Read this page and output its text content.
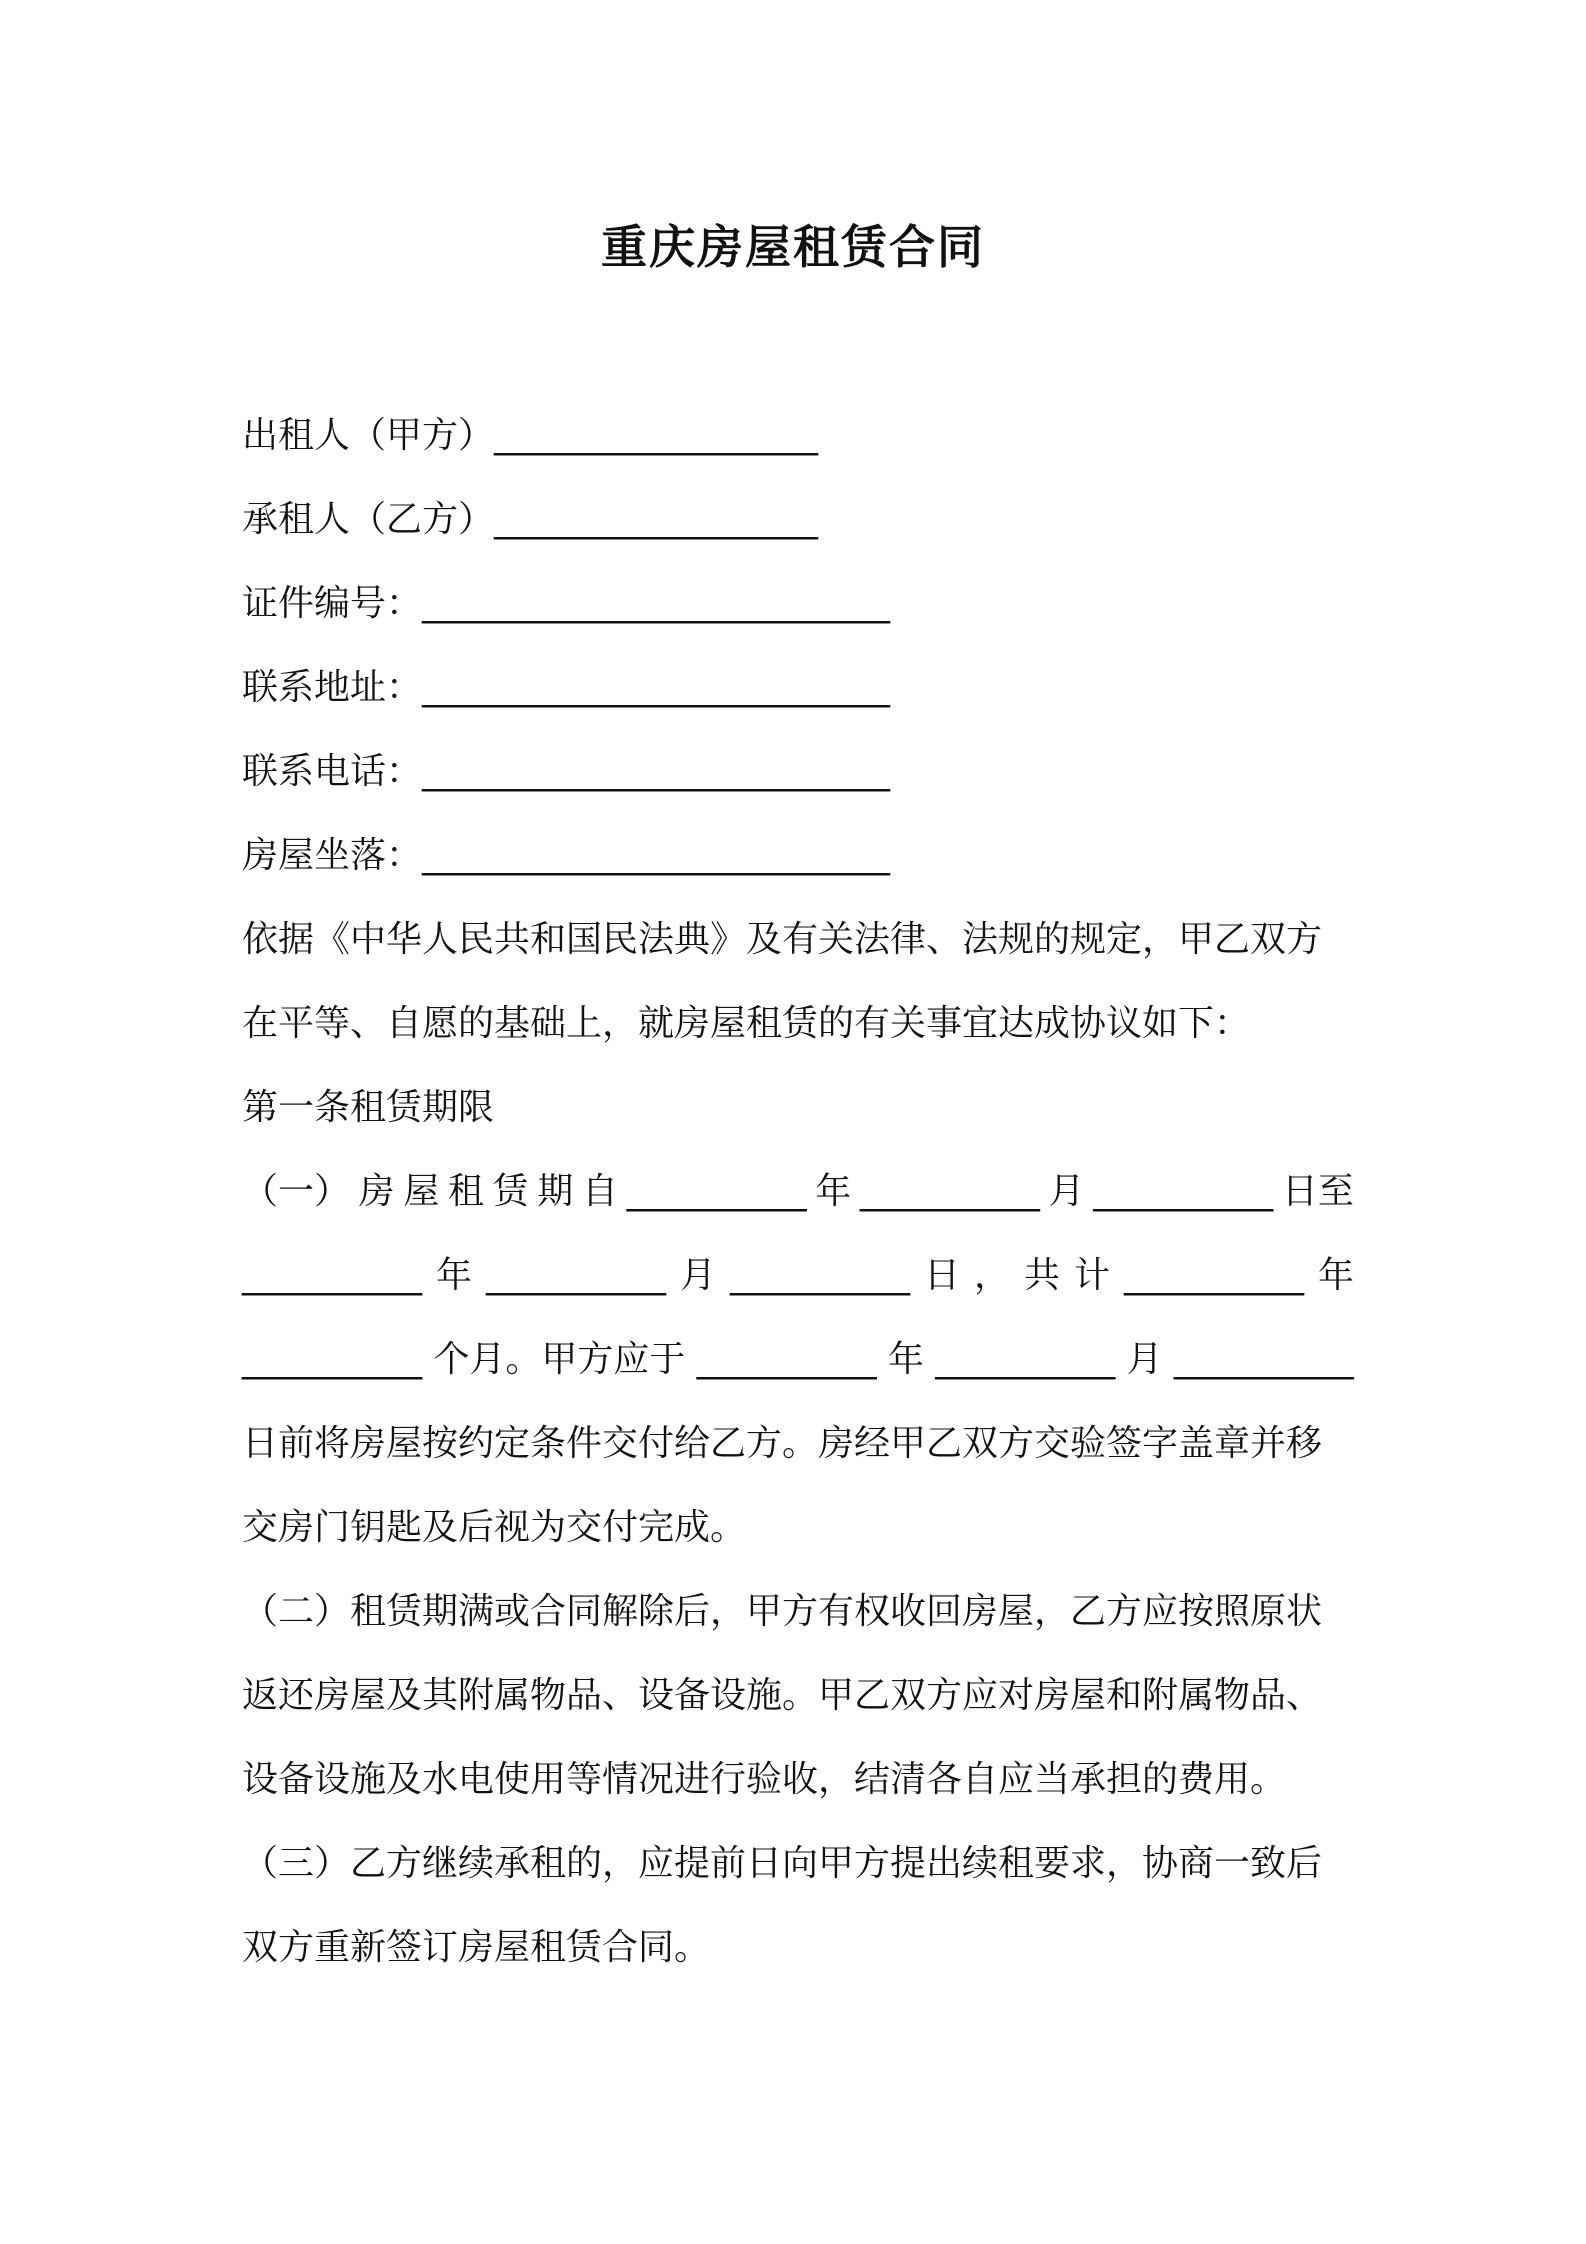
重庆房屋租赁合同
出租人（甲方）__________________
承租人（乙方）__________________
证件编号：__________________________
联系地址：__________________________
联系电话：__________________________
房屋坐落：__________________________
依据《中华人民共和国民法典》及有关法律、法规的规定，甲乙双方
在平等、自愿的基础上，就房屋租赁的有关事宜达成协议如下：
第一条租赁期限
（一） 房 屋 租 赁 期 自 __________ 年 __________ 月 __________ 日至
__________ 年 __________ 月 __________ 日 ， 共 计 __________ 年
__________ 个月。甲方应于 __________ 年 __________ 月 __________
日前将房屋按约定条件交付给乙方。房经甲乙双方交验签字盖章并移
交房门钥匙及后视为交付完成。
（二）租赁期满或合同解除后，甲方有权收回房屋，乙方应按照原状
返还房屋及其附属物品、设备设施。甲乙双方应对房屋和附属物品、
设备设施及水电使用等情况进行验收，结清各自应当承担的费用。
（三）乙方继续承租的，应提前日向甲方提出续租要求，协商一致后
双方重新签订房屋租赁合同。
